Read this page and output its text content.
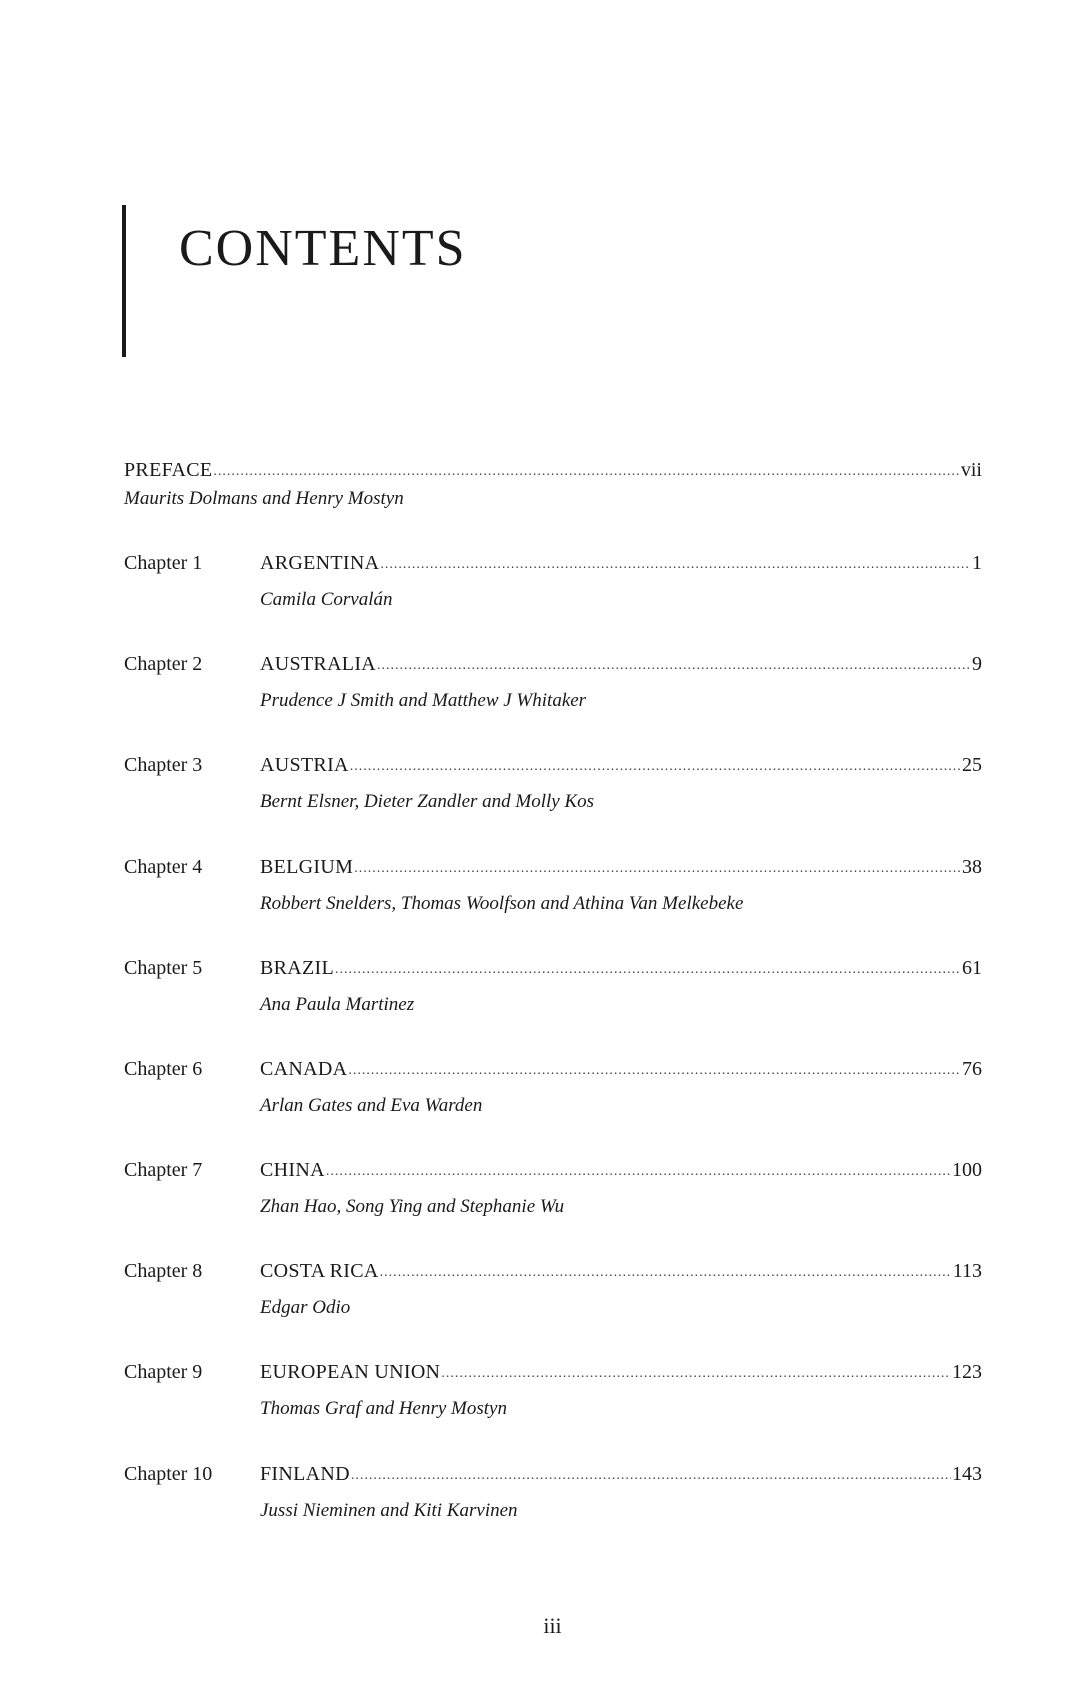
CONTENTS
PREFACE .....	vii
Maurits Dolmans and Henry Mostyn
Chapter 1	ARGENTINA .....	1
Camila Corvalán
Chapter 2	AUSTRALIA .....	9
Prudence J Smith and Matthew J Whitaker
Chapter 3	AUSTRIA .....	25
Bernt Elsner, Dieter Zandler and Molly Kos
Chapter 4	BELGIUM .....	38
Robbert Snelders, Thomas Woolfson and Athina Van Melkebeke
Chapter 5	BRAZIL .....	61
Ana Paula Martinez
Chapter 6	CANADA .....	76
Arlan Gates and Eva Warden
Chapter 7	CHINA .....	100
Zhan Hao, Song Ying and Stephanie Wu
Chapter 8	COSTA RICA .....	113
Edgar Odio
Chapter 9	EUROPEAN UNION .....	123
Thomas Graf and Henry Mostyn
Chapter 10 FINLAND .....	143
Jussi Nieminen and Kiti Karvinen
iii
